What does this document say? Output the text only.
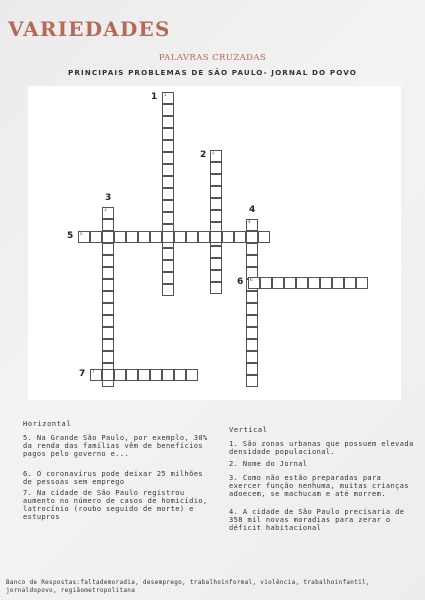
VARIEDADES
PALAVRAS CRUZADAS
PRINCIPAIS PROBLEMAS DE SÃO PAULO- JORNAL DO POVO
1
2
3
4
5
6
7
1
2
3
4
5
6
7
Horizontal
5. Na Grande São Paulo, por exemplo, 30% da renda das famílias vêm de benefícios pagos pelo governo e...
6. O coronavírus pode deixar 25 milhões de pessoas sem emprego
7. Na cidade de São Paulo registrou aumento no número de casos de homicídio, latrocínio (roubo seguido de morte) e estupros
Vertical
1. São zonas urbanas que possuem elevada densidade populacional.
2. Nome do Jornal
3. Como não estão preparadas para exercer função nenhuma, muitas crianças adoecem, se machucam e até morrem.
4. A cidade de São Paulo precisaria de 358 mil novas moradias para zerar o déficit habitacional
Banco de Respostas:faltademoradia, desemprego, trabalhoinformal, violência, trabalhoinfantil, jornaldopovo, regiãometropolitana
